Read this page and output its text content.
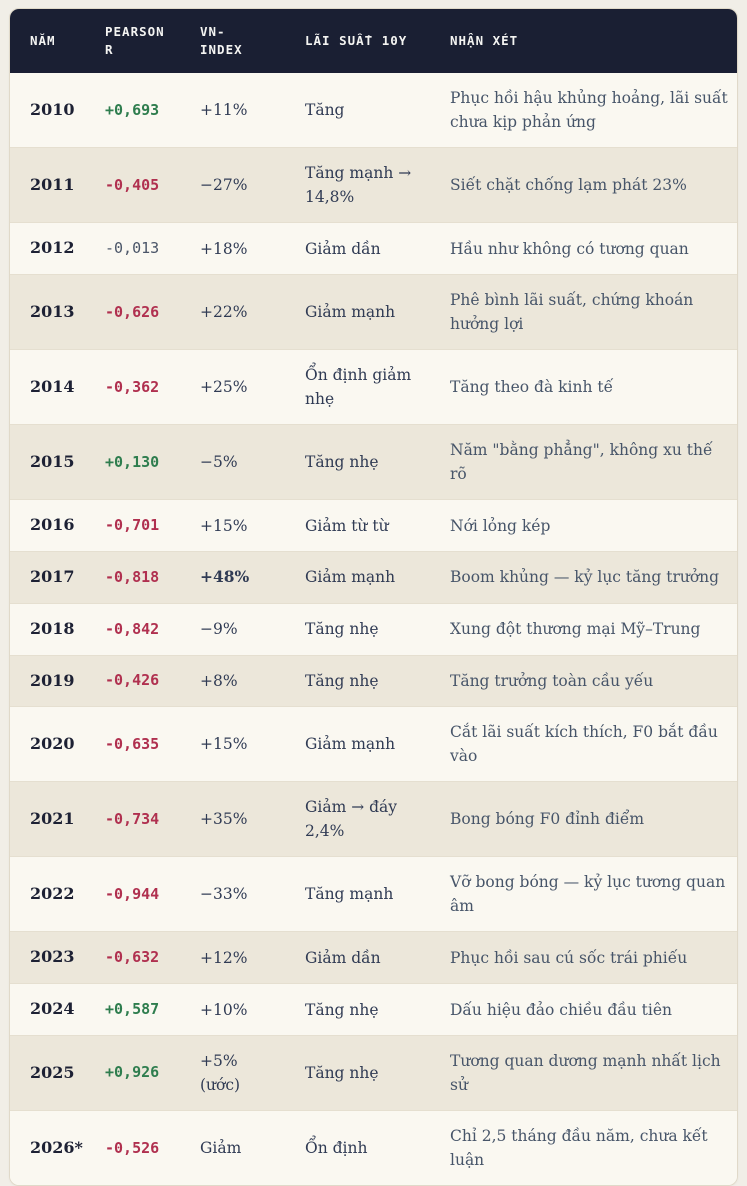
NĂM	PEARSON R	VN-INDEX	LÃI SUẤT 10Y	NHẬN XÉT
2010	+0,693	+11%	Tăng	Phục hồi hậu khủng hoảng, lãi suất chưa kịp phản ứng
2011	-0,405	−27%	Tăng mạnh → 14,8%	Siết chặt chống lạm phát 23%
2012	-0,013	+18%	Giảm dần	Hầu như không có tương quan
2013	-0,626	+22%	Giảm mạnh	Phê bình lãi suất, chứng khoán hưởng lợi
2014	-0,362	+25%	Ổn định giảm nhẹ	Tăng theo đà kinh tế
2015	+0,130	−5%	Tăng nhẹ	Năm "bằng phẳng", không xu thế rõ
2016	-0,701	+15%	Giảm từ từ	Nới lỏng kép
2017	-0,818	+48%	Giảm mạnh	Boom khủng — kỷ lục tăng trưởng
2018	-0,842	−9%	Tăng nhẹ	Xung đột thương mại Mỹ–Trung
2019	-0,426	+8%	Tăng nhẹ	Tăng trưởng toàn cầu yếu
2020	-0,635	+15%	Giảm mạnh	Cắt lãi suất kích thích, F0 bắt đầu vào
2021	-0,734	+35%	Giảm → đáy 2,4%	Bong bóng F0 đỉnh điểm
2022	-0,944	−33%	Tăng mạnh	Vỡ bong bóng — kỷ lục tương quan âm
2023	-0,632	+12%	Giảm dần	Phục hồi sau cú sốc trái phiếu
2024	+0,587	+10%	Tăng nhẹ	Dấu hiệu đảo chiều đầu tiên
2025	+0,926	+5% (ước)	Tăng nhẹ	Tương quan dương mạnh nhất lịch sử
2026*	-0,526	Giảm	Ổn định	Chỉ 2,5 tháng đầu năm, chưa kết luận
